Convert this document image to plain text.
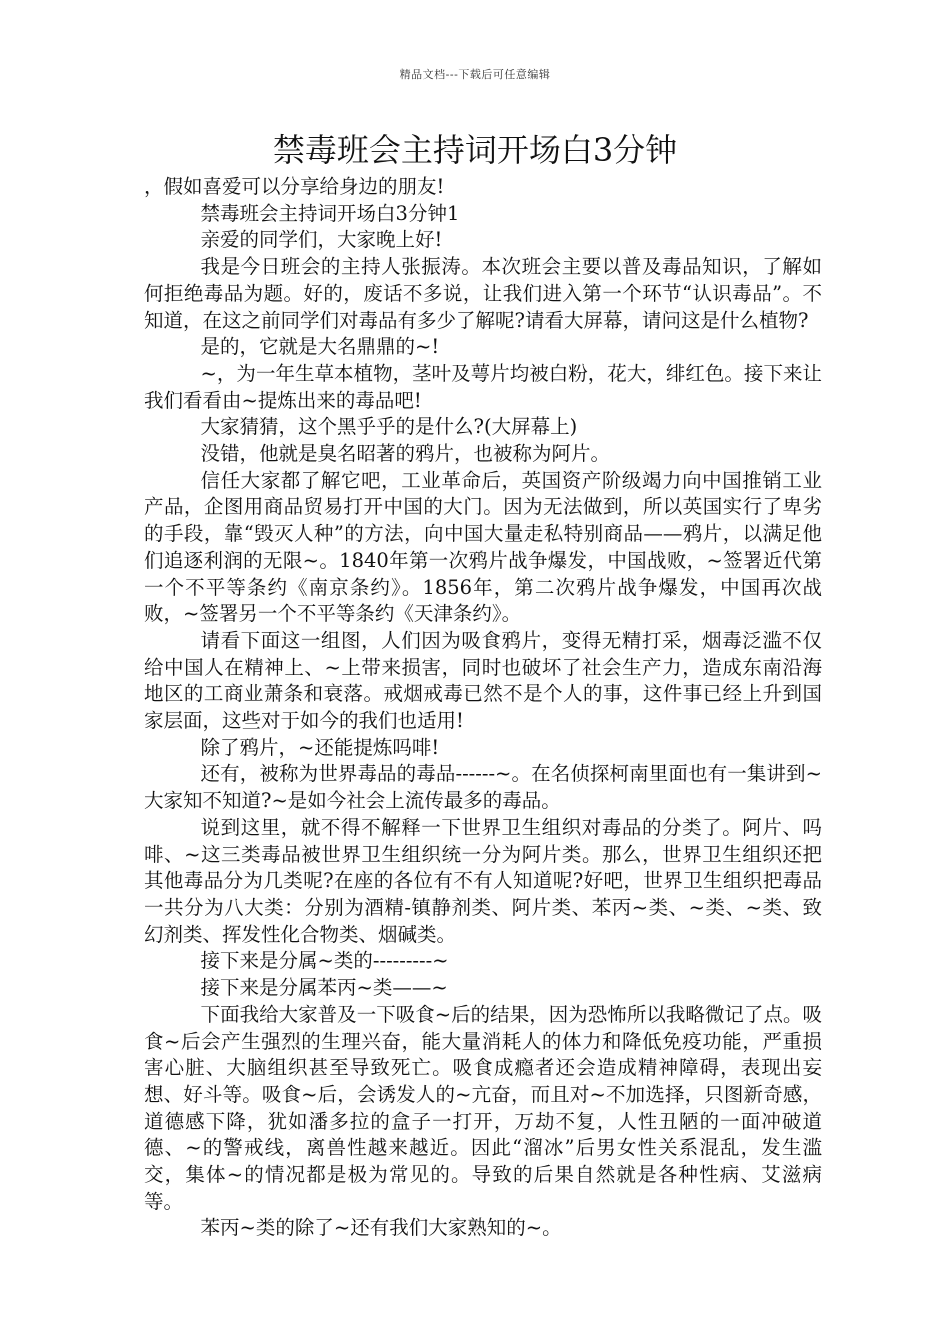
精品文档---下载后可任意编辑
禁毒班会主持词开场白3分钟

，假如喜爱可以分享给身边的朋友!

禁毒班会主持词开场白3分钟1

亲爱的同学们，大家晚上好!

我是今日班会的主持人张振涛。本次班会主要以普及毒品知识，了解如何拒绝毒品为题。好的，废话不多说，让我们进入第一个环节“认识毒品”。不知道，在这之前同学们对毒品有多少了解呢?请看大屏幕，请问这是什么植物?

是的，它就是大名鼎鼎的~!

~，为一年生草本植物，茎叶及萼片均被白粉，花大，绯红色。接下来让我们看看由~提炼出来的毒品吧!

大家猜猜，这个黑乎乎的是什么?(大屏幕上)

没错，他就是臭名昭著的鸦片，也被称为阿片。

信任大家都了解它吧，工业革命后，英国资产阶级竭力向中国推销工业产品，企图用商品贸易打开中国的大门。因为无法做到，所以英国实行了卑劣的手段，靠“毁灭人种”的方法，向中国大量走私特别商品——鸦片，以满足他们追逐利润的无限~。1840年第一次鸦片战争爆发，中国战败，~签署近代第一个不平等条约《南京条约》。1856年，第二次鸦片战争爆发，中国再次战败，~签署另一个不平等条约《天津条约》。

请看下面这一组图，人们因为吸食鸦片，变得无精打采，烟毒泛滥不仅给中国人在精神上、~上带来损害，同时也破坏了社会生产力，造成东南沿海地区的工商业萧条和衰落。戒烟戒毒已然不是个人的事，这件事已经上升到国家层面，这些对于如今的我们也适用!

除了鸦片，~还能提炼吗啡!

还有，被称为世界毒品的毒品------~。在名侦探柯南里面也有一集讲到~大家知不知道?~是如今社会上流传最多的毒品。

说到这里，就不得不解释一下世界卫生组织对毒品的分类了。阿片、吗啡、~这三类毒品被世界卫生组织统一分为阿片类。那么，世界卫生组织还把其他毒品分为几类呢?在座的各位有不有人知道呢?好吧，世界卫生组织把毒品一共分为八大类：分别为酒精-镇静剂类、阿片类、苯丙~类、~类、~类、致幻剂类、挥发性化合物类、烟碱类。

接下来是分属~类的---------~

接下来是分属苯丙~类——~

下面我给大家普及一下吸食~后的结果，因为恐怖所以我略微记了点。吸食~后会产生强烈的生理兴奋，能大量消耗人的体力和降低免疫功能，严重损害心脏、大脑组织甚至导致死亡。吸食成瘾者还会造成精神障碍，表现出妄想、好斗等。吸食~后，会诱发人的~亢奋，而且对~不加选择，只图新奇感，道德感下降，犹如潘多拉的盒子一打开，万劫不复，人性丑陋的一面冲破道德、~的警戒线，离兽性越来越近。因此“溜冰”后男女性关系混乱，发生滥交，集体~的情况都是极为常见的。导致的后果自然就是各种性病、艾滋病等。

苯丙~类的除了~还有我们大家熟知的~。
